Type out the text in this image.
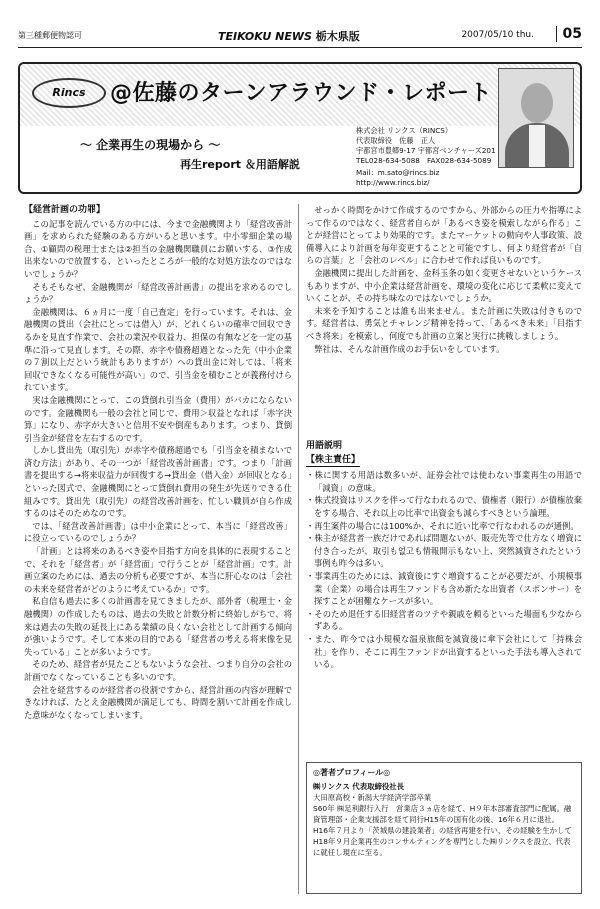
第三種郵便物認可	TEIKOKU NEWS 栃木県版	2007/05/10 thu.	05
Rincs	@佐藤のターンアラウンド・レポート
～ 企業再生の現場から ～
再生report ＆用語解説
株式会社 リンクス（RINCS）
代表取締役　佐藤　正人
宇都宮市豊郷9-17 宇都宮ベンチャーズ201
TEL028-634-5088　FAX028-634-5089
Mail：m.sato@rincs.biz
http://www.rincs.biz/
【経営計画の功罪】

この記事を読んでいる方の中には、今まで金融機関より「経営改善計画」を求められた経験のある方がいると思います。中小零細企業の場合、①顧問の税理士または②担当の金融機関職員にお願いする、③作成出来ないので放置する、といったところが一般的な対処方法なのではないでしょうか？

そもそもなぜ、金融機関が「経営改善計画書」の提出を求めるのでしょうか？

金融機関は、６ヵ月に一度「自己査定」を行っています。それは、金融機関の貸出（会社にとっては借入）が、どれくらいの確率で回収できるかを見直す作業で、会社の業況や収益力、担保の有無などを一定の基準に沿って見直します。その際、赤字や債務超過となった先（中小企業の７割以上だという統計もありますが）への貸出金に対しては、「将来回収できなくなる可能性が高い」ので、引当金を積むことが義務付けられています。

実は金融機関にとって、この貸倒れ引当金（費用）がバカにならないのです。金融機関も一般の会社と同じで、費用＞収益となれば「赤字決算」になり、赤字が大きいと信用不安や倒産もあります。つまり、貸倒引当金が経営を左右するのです。

しかし貸出先（取引先）が赤字や債務超過でも「引当金を積まないで済む方法」があり、その一つが「経営改善計画書」です。つまり「計画書を提出する→将来収益力が回復する→貸出金（借入金）が回収となる」といった図式で、金融機関にとって貸倒れ費用の発生が先送りできる仕組みです。貸出先（取引先）の経営改善計画を、忙しい職員が自ら作成するのはそのためなのです。

では、「経営改善計画書」は中小企業にとって、本当に「経営改善」に役立っているのでしょうか？

「計画」とは将来のあるべき姿や目指す方向を具体的に表現することで、それを「経営者」が「経営面」で行うことが「経営計画」です。計画立案のためには、過去の分析も必要ですが、本当に肝心なのは「会社の未来を経営者がどのように考えているか」です。

私自信も過去に多くの計画書を見てきましたが、部外者（税理士・金融機関）の作成したものは、過去の失敗と計数分析に終始しがちで、将来は過去の失敗の延長上にある業績の良くない会社として計画する傾向が強いようです。そして本来の目的である「経営者の考える将来像を見失っている」ことが多いようです。

そのため、経営者が見たこともないような会社、つまり自分の会社の計画でなくなっていることも多いのです。

会社を経営するのが経営者の役割ですから、経営計画の内容が理解できなければ、たとえ金融機関が満足しても、時間を割いて計画を作成した意味がなくなってしまいます。

せっかく時間をかけて作成するのですから、外部からの圧力や指導によって作るのではなく、経営者自らが「あるべき姿を模索しながら作る」ことが経営にとってより効果的です。またマーケットの動向や人事政策、設備導入により計画を毎年変更することと可能ですし、何より経営者が「自らの言葉」と「会社のレベル」に合わせて作れば良いものです。

金融機関に提出した計画を、金科玉条の如く変更させないというケースもありますが、中小企業は経営計画を、環境の変化に応じて柔軟に変えていくことが、その持ち味なのではないでしょうか。

未来を予知することは誰も出来ません。また計画に失敗は付きものです。経営者は、勇気とチャレンジ精神を持って、「あるべき未来」「目指すべき将来」を模索し、何度でも計画の立案と実行に挑戦しましょう。

弊社は、そんな計画作成のお手伝いをしています。

用語説明
【株主責任】
・株に関する用語は数多いが、証券会社では使わない事業再生の用語で「減資」の意味。
・株式投資はリスクを伴って行なわれるので、債権者（銀行）が債権放棄をする場合、それ以上の比率で出資金も減らすべきという論理。
・再生案件の場合には100%か、それに近い比率で行なわれるのが通例。
・株主が経営者一族だけであれば問題ないが、販売先等で仕方なく増資に付き合ったが、取引も없고も情報開示もない上、突然減資されたという事例も昨今は多い。
・事業再生のためには、減資後にすぐ増資することが必要だが、小規模事業（企業）の場合は再生ファンドも含め新たな出資者（スポンサー）を探すことが困難なケースが多い。
・そのため退任する旧経営者のツテや親戚を頼るといった場面も少なからずある。
・また、昨今では小規模な温泉旅館を減資後に傘下会社にして「持株会社」を作り、そこに再生ファンドが出資するといった手法も導入されている。
◎著者プロフィール◎
㈱リンクス 代表取締役社長
大田原高校・新潟大学経済学部卒業
S60年 ㈱足利銀行入行　営業店３ヵ店を経て、H９年本部審査部門に配属。融資管理部・企業支援部を経て同行H15年の国有化の後、16年６月に退社。
H16年７月より「茨城県の建設業者」の経営再建を行い、その経験を生かしてH18年９月企業再生のコンサルティングを専門とした㈱リンクスを設立、代表に就任し現在に至る。
